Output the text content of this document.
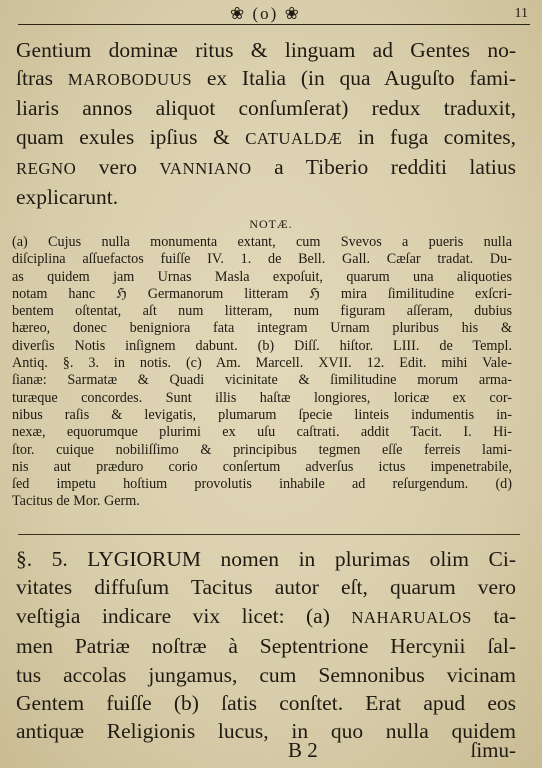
❀ (o) ❀	11

Gentium dominæ ritus & linguam ad Gentes no-
ſtras MAROBODUUS ex Italia (in qua Auguſto fami-
liaris annos aliquot conſumſerat) redux traduxit,
quam exules ipſius & CATUALDÆ in fuga comites,
REGNO vero VANNIANO a Tiberio redditi latius
explicarunt.

NOTÆ.
(a) Cujus nulla monumenta extant, cum Svevos a pueris nulla
diſciplina aſſuefactos fuiſſe IV. 1. de Bell. Gall. Cæſar tradat. Du-
as quidem jam Urnas Masla expoſuit, quarum una aliquoties
notam hanc ℌ Germanorum litteram ℌ mira ſimilitudine exſcri-
bentem oſtentat, aſt num litteram, num figuram aſſeram, dubius
hæreo, donec benigniora fata integram Urnam pluribus his &
diverſis Notis inſignem dabunt. (b) Diſſ. hiſtor. LIII. de Templ.
Antiq. §. 3. in notis. (c) Am. Marcell. XVII. 12. Edit. mihi Vale-
ſianæ: Sarmatæ & Quadi vicinitate & ſimilitudine morum arma-
turæque concordes. Sunt illis haſtæ longiores, loricæ ex cor-
nibus raſis & levigatis, plumarum ſpecie linteis indumentis in-
nexæ, equorumque plurimi ex uſu caſtrati. addit Tacit. I. Hi-
ſtor. cuique nobiliſſimo & principibus tegmen eſſe ferreis lami-
nis aut præduro corio conſertum adverſus ictus impenetrabile,
ſed impetu hoſtium provolutis inhabile ad reſurgendum. (d)
Tacitus de Mor. Germ.

§. 5. LYGIORUM nomen in plurimas olim Ci-
vitates diffuſum Tacitus autor eſt, quarum vero
veſtigia indicare vix licet: (a) NAHARUALOS ta-
men Patriæ noſtræ à Septentrione Hercynii ſal-
tus accolas jungamus, cum Semnonibus vicinam
Gentem fuiſſe (b) ſatis conſtet. Erat apud eos
antiquæ Religionis lucus, in quo nulla quidem

B 2	ſimu-
